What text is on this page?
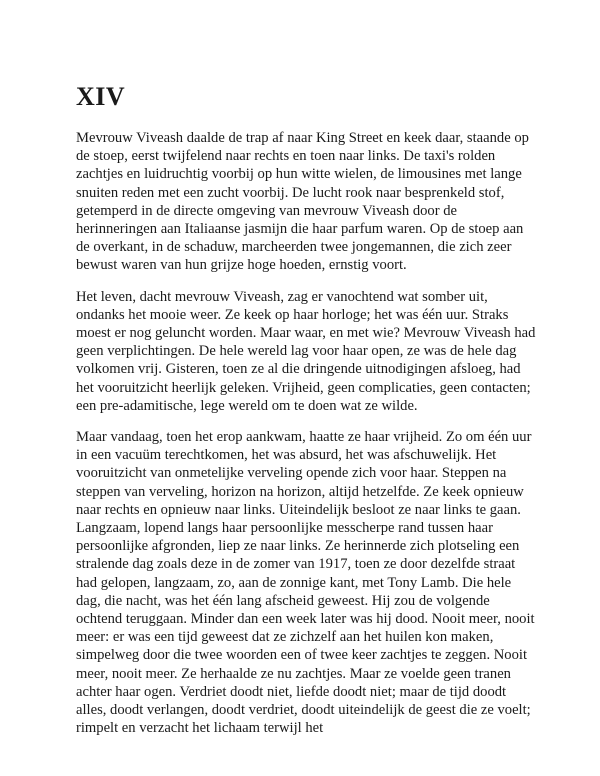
XIV

Mevrouw Viveash daalde de trap af naar King Street en keek daar, staande op de stoep, eerst twijfelend naar rechts en toen naar links. De taxi's rolden zachtjes en luidruchtig voorbij op hun witte wielen, de limousines met lange snuiten reden met een zucht voorbij. De lucht rook naar besprenkeld stof, getemperd in de directe omgeving van mevrouw Viveash door de herinneringen aan Italiaanse jasmijn die haar parfum waren. Op de stoep aan de overkant, in de schaduw, marcheerden twee jongemannen, die zich zeer bewust waren van hun grijze hoge hoeden, ernstig voort.

Het leven, dacht mevrouw Viveash, zag er vanochtend wat somber uit, ondanks het mooie weer. Ze keek op haar horloge; het was één uur. Straks moest er nog geluncht worden. Maar waar, en met wie? Mevrouw Viveash had geen verplichtingen. De hele wereld lag voor haar open, ze was de hele dag volkomen vrij. Gisteren, toen ze al die dringende uitnodigingen afsloeg, had het vooruitzicht heerlijk geleken. Vrijheid, geen complicaties, geen contacten; een pre-adamitische, lege wereld om te doen wat ze wilde.

Maar vandaag, toen het erop aankwam, haatte ze haar vrijheid. Zo om één uur in een vacuüm terechtkomen, het was absurd, het was afschuwelijk. Het vooruitzicht van onmetelijke verveling opende zich voor haar. Steppen na steppen van verveling, horizon na horizon, altijd hetzelfde. Ze keek opnieuw naar rechts en opnieuw naar links. Uiteindelijk besloot ze naar links te gaan. Langzaam, lopend langs haar persoonlijke messcherpe rand tussen haar persoonlijke afgronden, liep ze naar links. Ze herinnerde zich plotseling een stralende dag zoals deze in de zomer van 1917, toen ze door dezelfde straat had gelopen, langzaam, zo, aan de zonnige kant, met Tony Lamb. Die hele dag, die nacht, was het één lang afscheid geweest. Hij zou de volgende ochtend teruggaan. Minder dan een week later was hij dood. Nooit meer, nooit meer: er was een tijd geweest dat ze zichzelf aan het huilen kon maken, simpelweg door die twee woorden een of twee keer zachtjes te zeggen. Nooit meer, nooit meer. Ze herhaalde ze nu zachtjes. Maar ze voelde geen tranen achter haar ogen. Verdriet doodt niet, liefde doodt niet; maar de tijd doodt alles, doodt verlangen, doodt verdriet, doodt uiteindelijk de geest die ze voelt; rimpelt en verzacht het lichaam terwijl het
